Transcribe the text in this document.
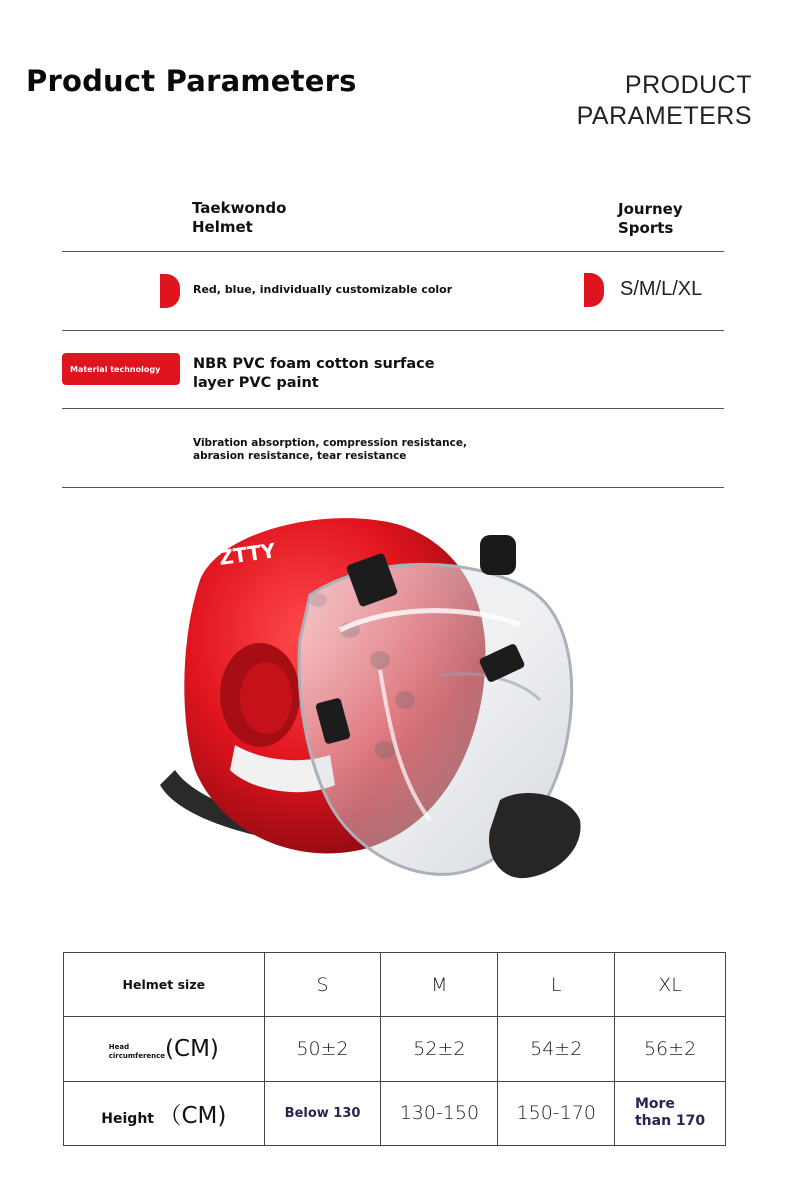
Product Parameters	PRODUCT
PARAMETERS
Taekwondo
Helmet
Journey
Sports
Red, blue, individually customizable color	S/M/L/XL
Material technology	NBR PVC foam cotton surface
layer PVC paint
Vibration absorption, compression resistance,
abrasion resistance, tear resistance
ZTTY
Helmet size	S	M	L	XL
Head
circumference(CM)	50±2	52±2	54±2	56±2
Height （CM)	Below 130	130-150	150-170	More
than 170
